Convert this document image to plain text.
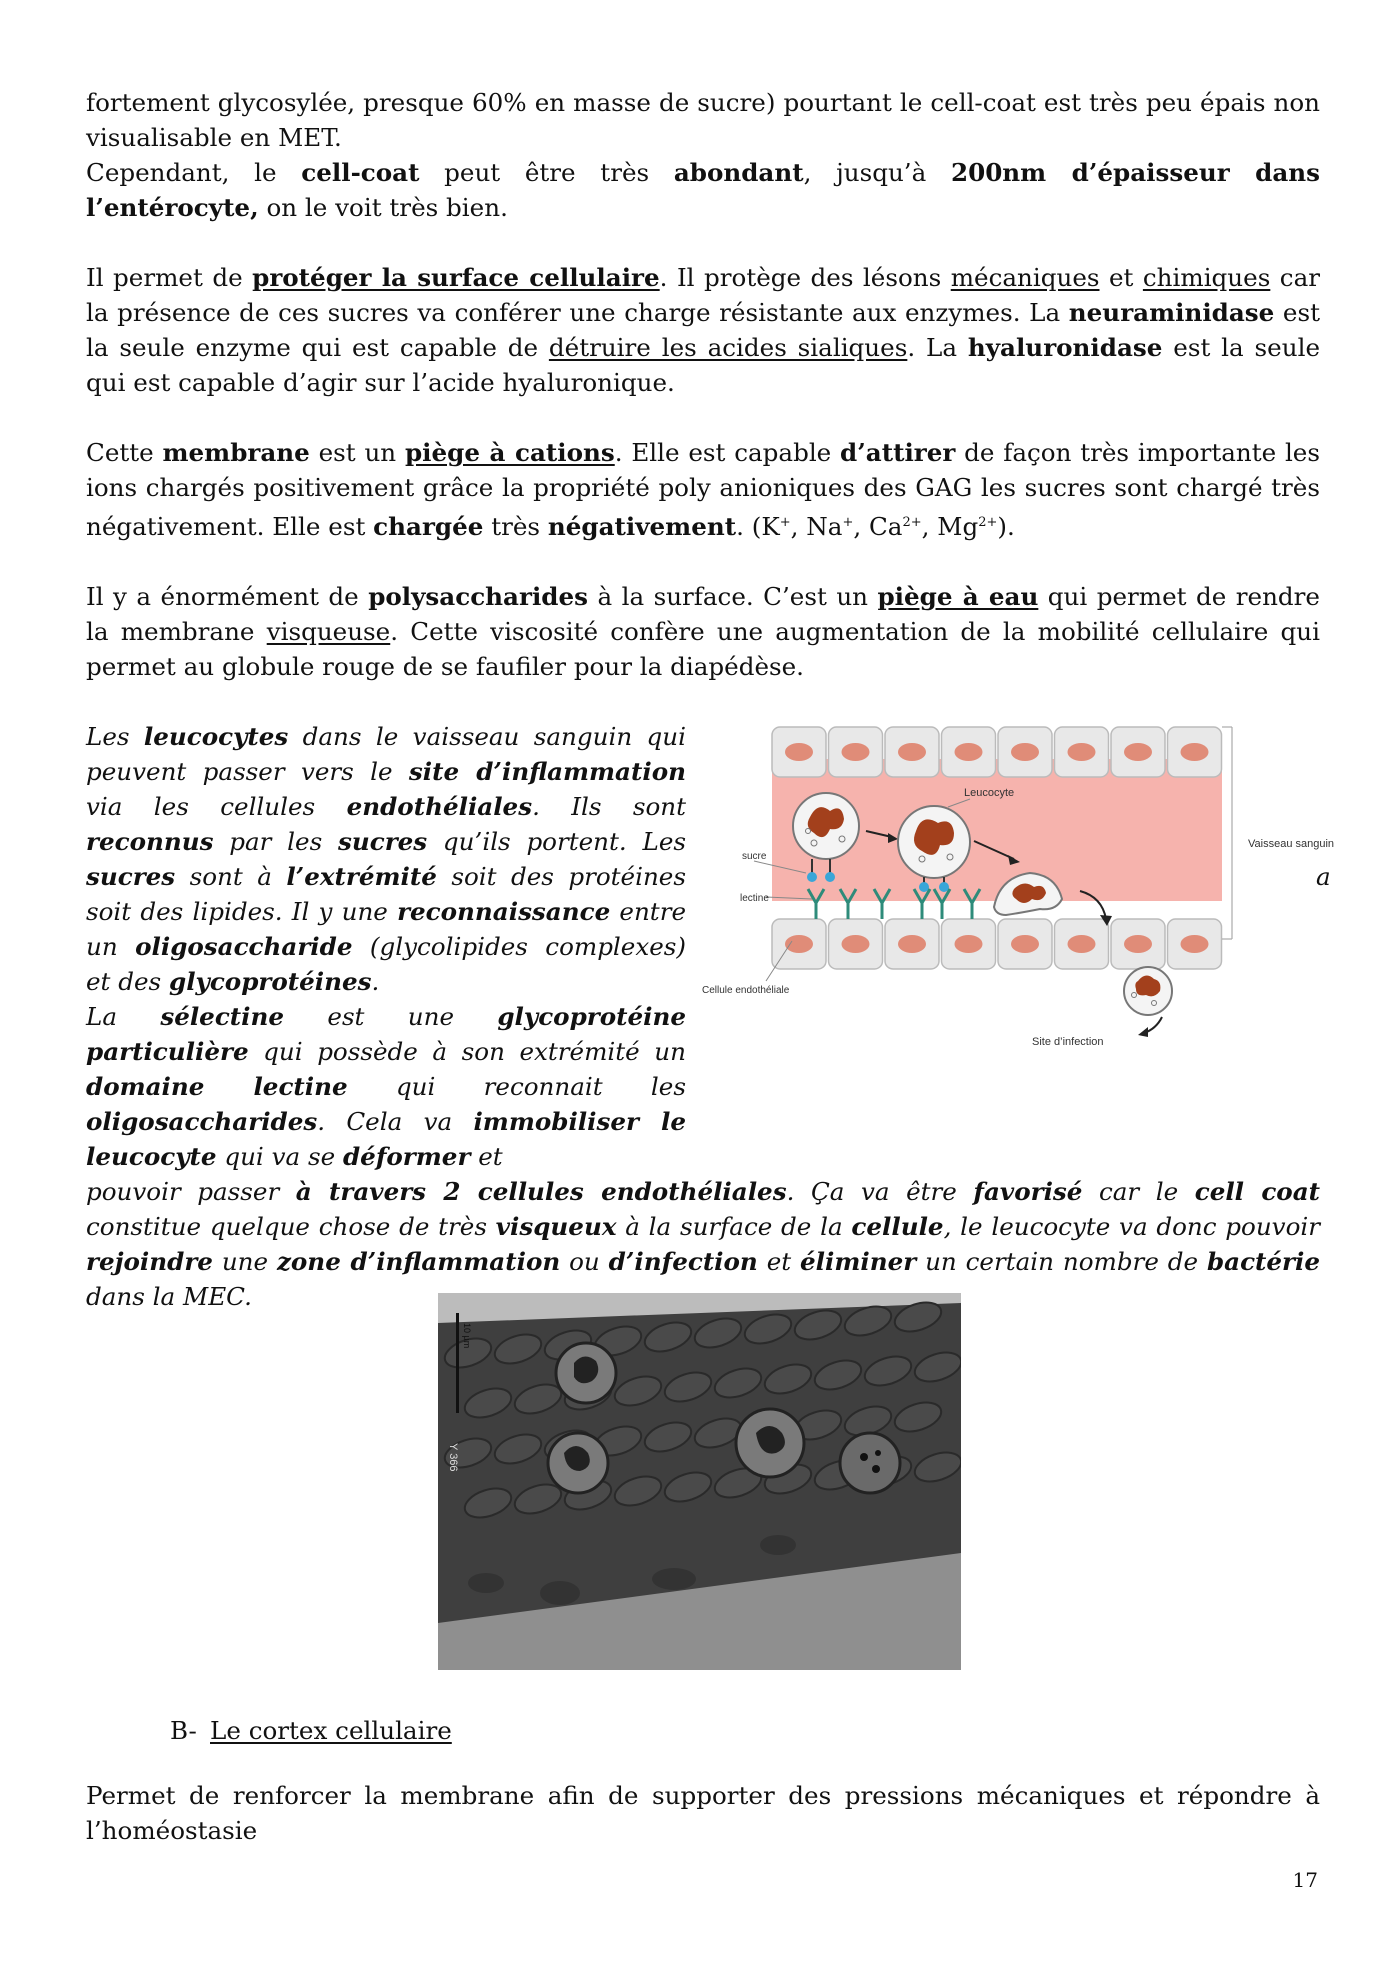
fortement glycosylée, presque 60% en masse de sucre) pourtant le cell-coat est très peu épais non visualisable en MET.

Cependant, le cell-coat peut être très abondant, jusqu’à 200nm d’épaisseur dans l’entérocyte, on le voit très bien.

Il permet de protéger la surface cellulaire. Il protège des lésons mécaniques et chimiques car la présence de ces sucres va conférer une charge résistante aux enzymes. La neuraminidase est la seule enzyme qui est capable de détruire les acides sialiques. La hyaluronidase est la seule qui est capable d’agir sur l’acide hyaluronique.

Cette membrane est un piège à cations. Elle est capable d’attirer de façon très importante les ions chargés positivement grâce la propriété poly anioniques des GAG les sucres sont chargé très négativement. Elle est chargée très négativement. (K+, Na+, $Ca^{2+}$, $Mg^{2+}$).

Il y a énormément de polysaccharides à la surface. C’est un piège à eau qui permet de rendre la membrane visqueuse. Cette viscosité confère une augmentation de la mobilité cellulaire qui permet au globule rouge de se faufiler pour la diapédèse.

Les leucocytes dans le vaisseau sanguin qui peuvent passer vers le site d’inflammation via les cellules endothéliales. Ils sont reconnus par les sucres qu’ils portent. Les sucres sont à l’extrémité soit des protéines soit des lipides. Il y une reconnaissance entre un oligosaccharide (glycolipides complexes) et des glycoprotéines.
La sélectine est une glycoprotéine particulière qui possède à son extrémité un domaine lectine qui reconnait les oligosaccharides. Cela va immobiliser le leucocyte qui va se déformer et
pouvoir passer à travers 2 cellules endothéliales. Ça va être favorisé car le cell coat constitue quelque chose de très visqueux à la surface de la cellule, le leucocyte va donc pouvoir rejoindre une zone d’inflammation ou d’infection et éliminer un certain nombre de bactérie dans la MEC.
Vaisseau sanguin
Leucocyte
Site d’infection
sucre
lectine
Cellule endothéliale
a
10 µm
Y 366
B- Le cortex cellulaire

Permet de renforcer la membrane afin de supporter des pressions mécaniques et répondre à l’homéostasie

17
